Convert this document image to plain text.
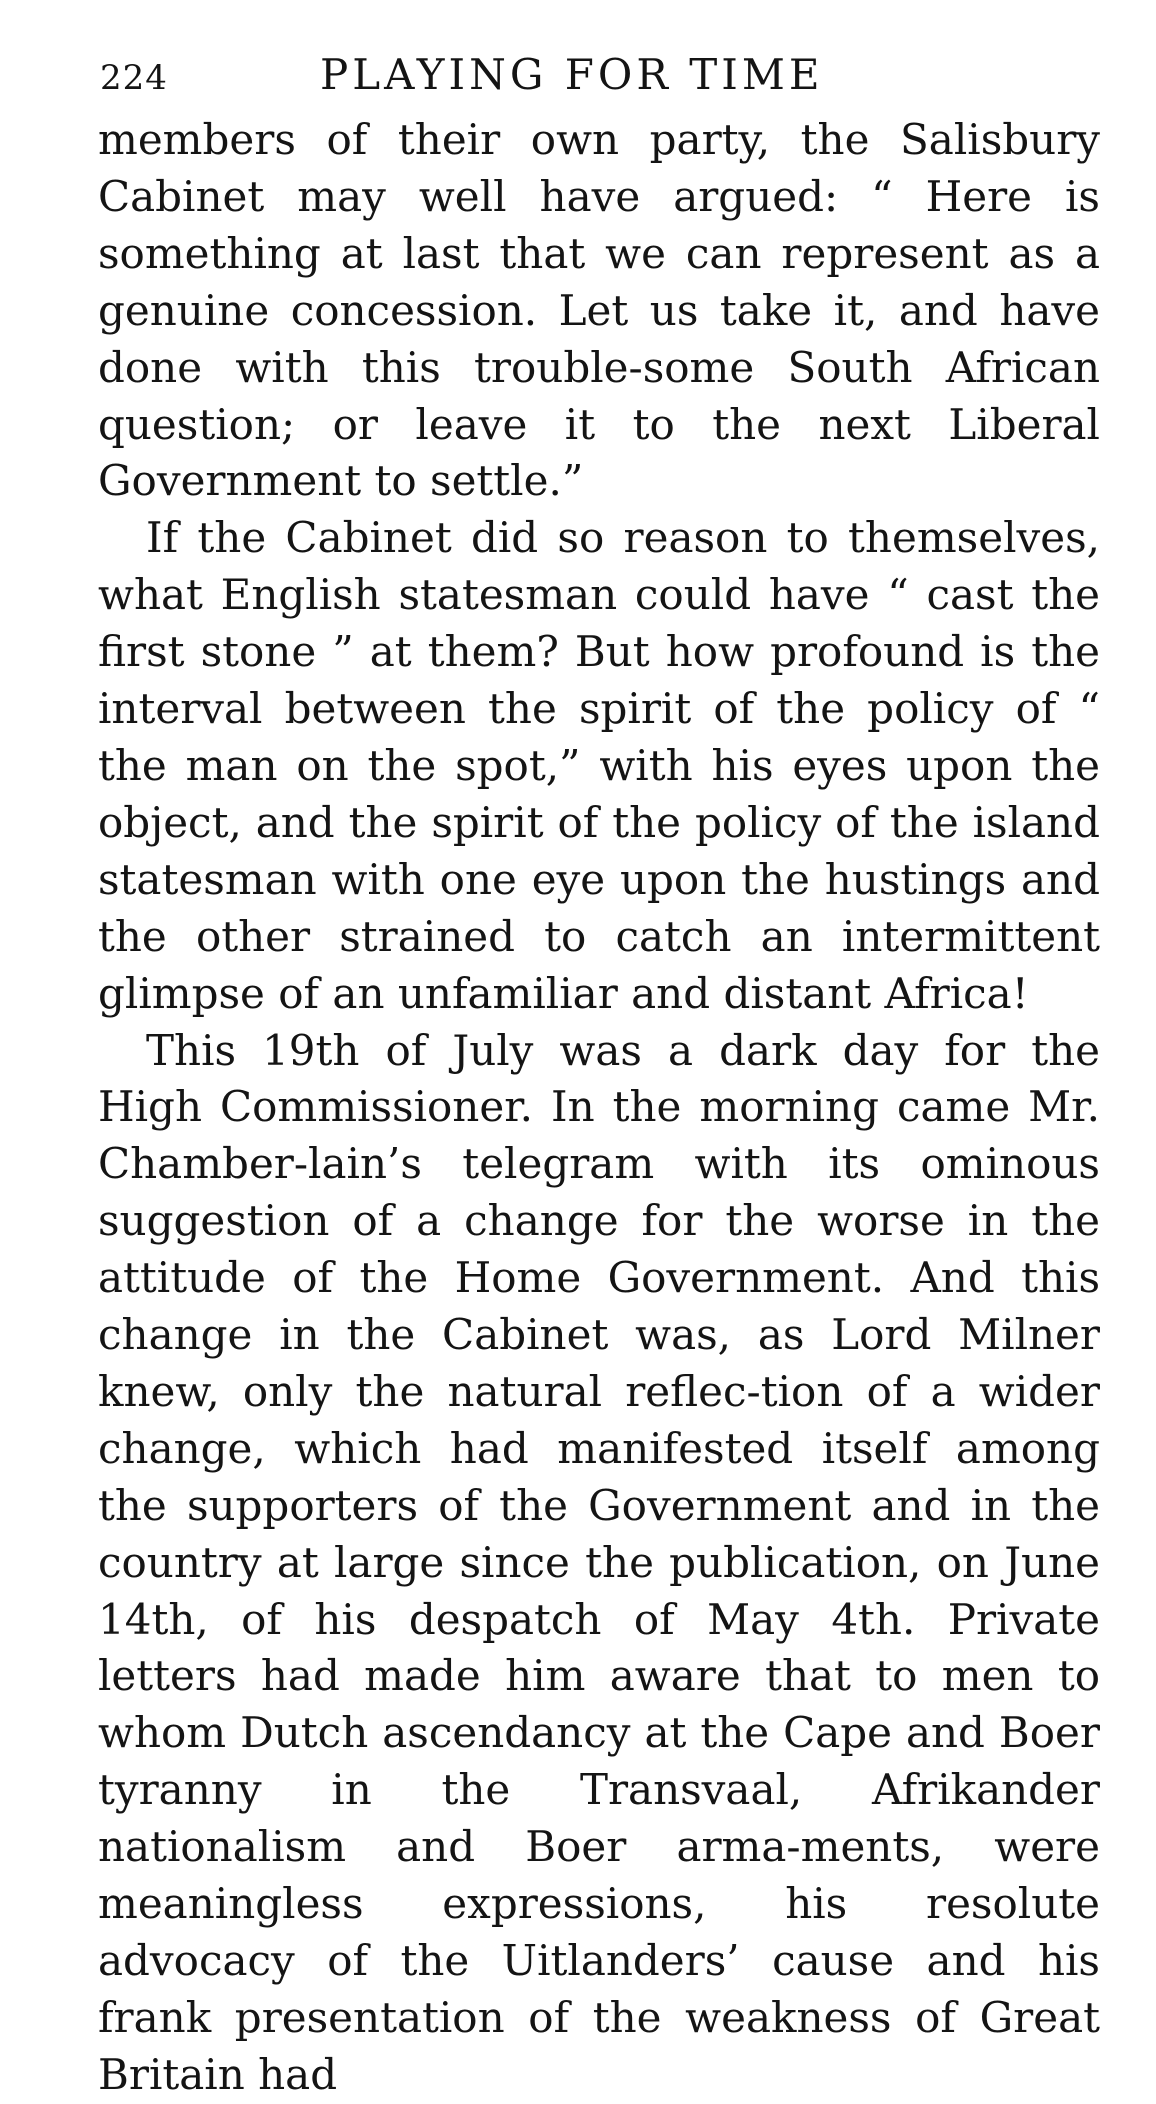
224	PLAYING FOR TIME

members of their own party, the Salisbury Cabinet may well have argued: “ Here is something at last that we can represent as a genuine concession. Let us take it, and have done with this trouble-some South African question; or leave it to the next Liberal Government to settle.”

If the Cabinet did so reason to themselves, what English statesman could have “ cast the first stone ” at them? But how profound is the interval between the spirit of the policy of “ the man on the spot,” with his eyes upon the object, and the spirit of the policy of the island statesman with one eye upon the hustings and the other strained to catch an intermittent glimpse of an unfamiliar and distant Africa!

This 19th of July was a dark day for the High Commissioner. In the morning came Mr. Chamber-lain’s telegram with its ominous suggestion of a change for the worse in the attitude of the Home Government. And this change in the Cabinet was, as Lord Milner knew, only the natural reflec-tion of a wider change, which had manifested itself among the supporters of the Government and in the country at large since the publication, on June 14th, of his despatch of May 4th. Private letters had made him aware that to men to whom Dutch ascendancy at the Cape and Boer tyranny in the Transvaal, Afrikander nationalism and Boer arma-ments, were meaningless expressions, his resolute advocacy of the Uitlanders’ cause and his frank presentation of the weakness of Great Britain had
